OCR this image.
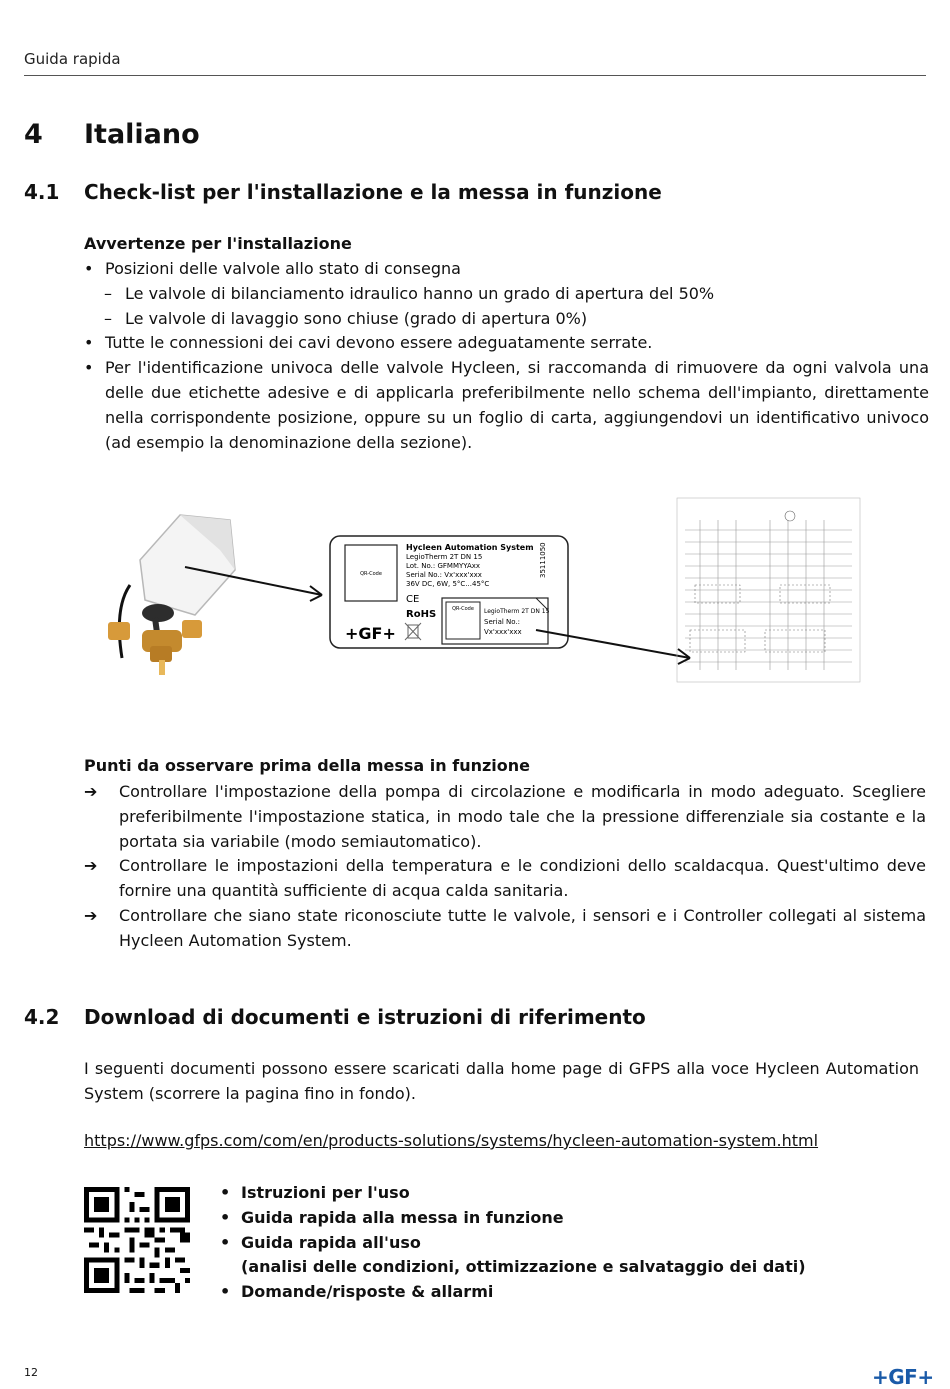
Guida rapida
4 Italiano
4.1 Check-list per l'installazione e la messa in funzione
Avvertenze per l'installazione
• Posizioni delle valvole allo stato di consegna
– Le valvole di bilanciamento idraulico hanno un grado di apertura del 50%
– Le valvole di lavaggio sono chiuse (grado di apertura 0%)
• Tutte le connessioni dei cavi devono essere adeguatamente serrate.
• Per l'identificazione univoca delle valvole Hycleen, si raccomanda di rimuovere da ogni valvola una delle due etichette adesive e di applicarla preferibilmente nello schema dell'impianto, direttamente nella corrispondente posizione, oppure su un foglio di carta, aggiungendovi un identificativo univoco (ad esempio la denominazione della sezione).
QR-Code
Hycleen Automation System
LegioTherm 2T DN 15
Lot. No.: GFMMYYAxx
Serial No.: Vx'xxx'xxx
36V DC, 6W, 5°C...45°C
35111050
CE
RoHS
+GF+
QR-Code LegioTherm 2T DN 15
Serial No.:
Vx'xxx'xxx
Punti da osservare prima della messa in funzione
➔ Controllare l'impostazione della pompa di circolazione e modificarla in modo adeguato. Scegliere preferibilmente l'impostazione statica, in modo tale che la pressione differenziale sia costante e la portata sia variabile (modo semiautomatico).
➔ Controllare le impostazioni della temperatura e le condizioni dello scaldacqua. Quest'ultimo deve fornire una quantità sufficiente di acqua calda sanitaria.
➔ Controllare che siano state riconosciute tutte le valvole, i sensori e i Controller collegati al sistema Hycleen Automation System.
4.2 Download di documenti e istruzioni di riferimento
I seguenti documenti possono essere scaricati dalla home page di GFPS alla voce Hycleen Automation System (scorrere la pagina fino in fondo).
https://www.gfps.com/com/en/products-solutions/systems/hycleen-automation-system.html
• Istruzioni per l'uso
• Guida rapida alla messa in funzione
• Guida rapida all'uso
(analisi delle condizioni, ottimizzazione e salvataggio dei dati)
• Domande/risposte & allarmi
12	+GF+
